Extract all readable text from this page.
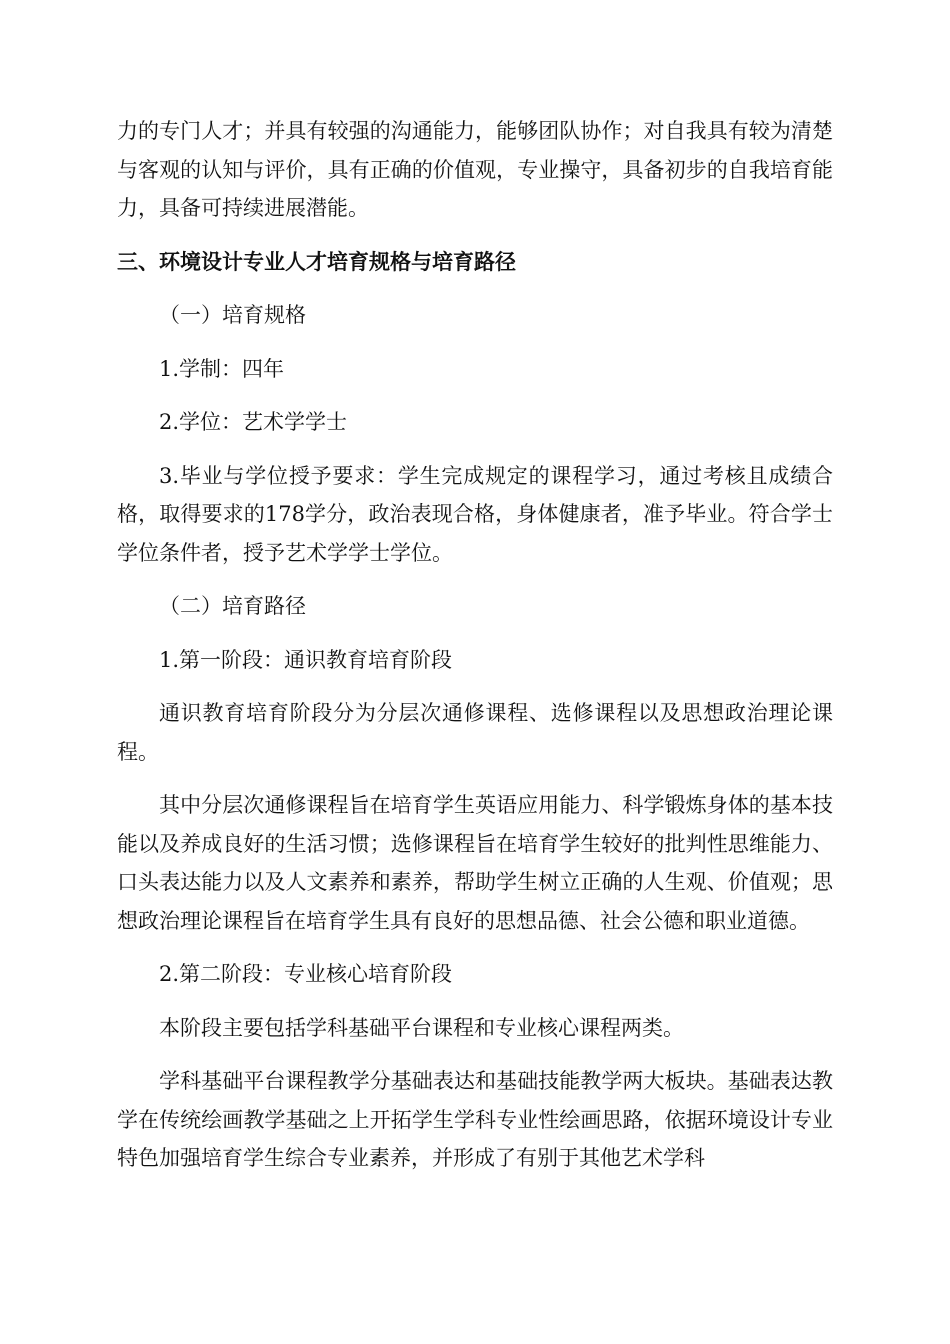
力的专门人才；并具有较强的沟通能力，能够团队协作；对自我具有较为清楚与客观的认知与评价，具有正确的价值观，专业操守，具备初步的自我培育能力，具备可持续进展潜能。

三、环境设计专业人才培育规格与培育路径

（一）培育规格

1.学制：四年

2.学位：艺术学学士

3.毕业与学位授予要求：学生完成规定的课程学习，通过考核且成绩合格，取得要求的178学分，政治表现合格，身体健康者，准予毕业。符合学士学位条件者，授予艺术学学士学位。

（二）培育路径

1.第一阶段：通识教育培育阶段

通识教育培育阶段分为分层次通修课程、选修课程以及思想政治理论课程。

其中分层次通修课程旨在培育学生英语应用能力、科学锻炼身体的基本技能以及养成良好的生活习惯；选修课程旨在培育学生较好的批判性思维能力、口头表达能力以及人文素养和素养，帮助学生树立正确的人生观、价值观；思想政治理论课程旨在培育学生具有良好的思想品德、社会公德和职业道德。

2.第二阶段：专业核心培育阶段

本阶段主要包括学科基础平台课程和专业核心课程两类。

学科基础平台课程教学分基础表达和基础技能教学两大板块。基础表达教学在传统绘画教学基础之上开拓学生学科专业性绘画思路，依据环境设计专业特色加强培育学生综合专业素养，并形成了有别于其他艺术学科
